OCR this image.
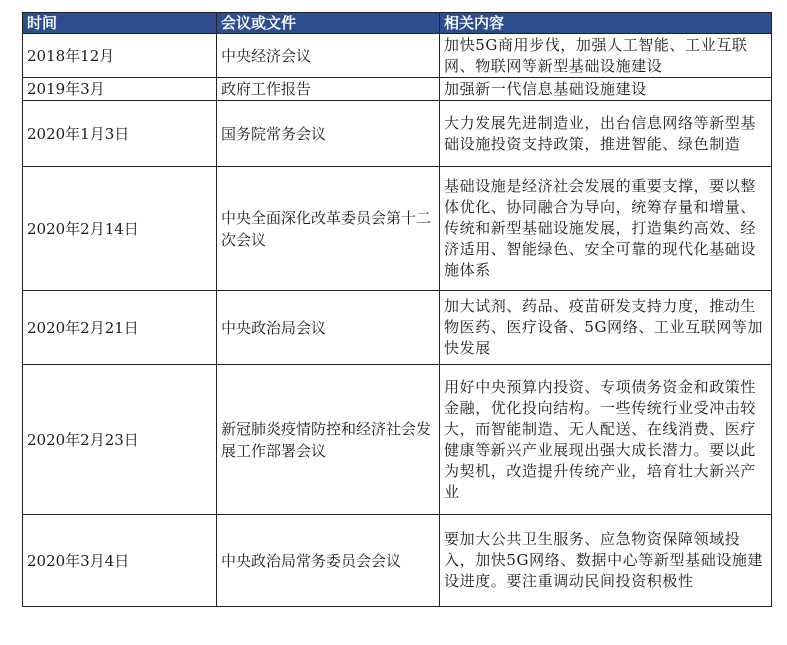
时间	会议或文件	相关内容
2018年12月	中央经济会议	加快5G商用步伐，加强人工智能、工业互联网、物联网等新型基础设施建设
2019年3月	政府工作报告	加强新一代信息基础设施建设
2020年1月3日	国务院常务会议	大力发展先进制造业，出台信息网络等新型基础设施投资支持政策，推进智能、绿色制造
2020年2月14日	中央全面深化改革委员会第十二次会议	基础设施是经济社会发展的重要支撑，要以整体优化、协同融合为导向，统筹存量和增量、传统和新型基础设施发展，打造集约高效、经济适用、智能绿色、安全可靠的现代化基础设施体系
2020年2月21日	中央政治局会议	加大试剂、药品、疫苗研发支持力度，推动生物医药、医疗设备、5G网络、工业互联网等加快发展
2020年2月23日	新冠肺炎疫情防控和经济社会发展工作部署会议	用好中央预算内投资、专项债务资金和政策性金融，优化投向结构。一些传统行业受冲击较大，而智能制造、无人配送、在线消费、医疗健康等新兴产业展现出强大成长潜力。要以此为契机，改造提升传统产业，培育壮大新兴产业
2020年3月4日	中央政治局常务委员会会议	要加大公共卫生服务、应急物资保障领域投入，加快5G网络、数据中心等新型基础设施建设进度。要注重调动民间投资积极性
